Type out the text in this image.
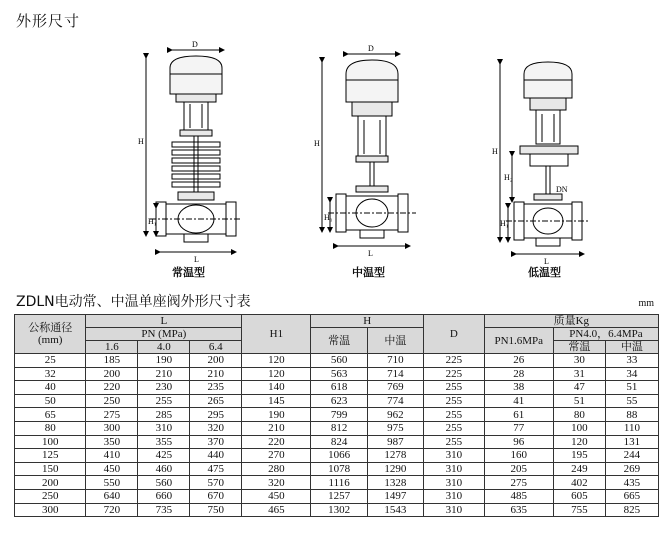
外形尺寸
D
H
H₁
L
D
H
H₁
L
H
H₂
H₁
L
DN
常温型	中温型	低温型
ZDLN电动常、中温单座阀外形尺寸表	mm
公称通径
(mm)	L			H1	H		D	质量Kg		
	PN (MPa)				常温	中温		PN1.6MPa	PN4.0，6.4MPa	
	1.6	4.0	6.4						常温	中温
25	185	190	200	120	560	710	225	26	30	33
32	200	210	210	120	563	714	225	28	31	34
40	220	230	235	140	618	769	255	38	47	51
50	250	255	265	145	623	774	255	41	51	55
65	275	285	295	190	799	962	255	61	80	88
80	300	310	320	210	812	975	255	77	100	110
100	350	355	370	220	824	987	255	96	120	131
125	410	425	440	270	1066	1278	310	160	195	244
150	450	460	475	280	1078	1290	310	205	249	269
200	550	560	570	320	1116	1328	310	275	402	435
250	640	660	670	450	1257	1497	310	485	605	665
300	720	735	750	465	1302	1543	310	635	755	825
